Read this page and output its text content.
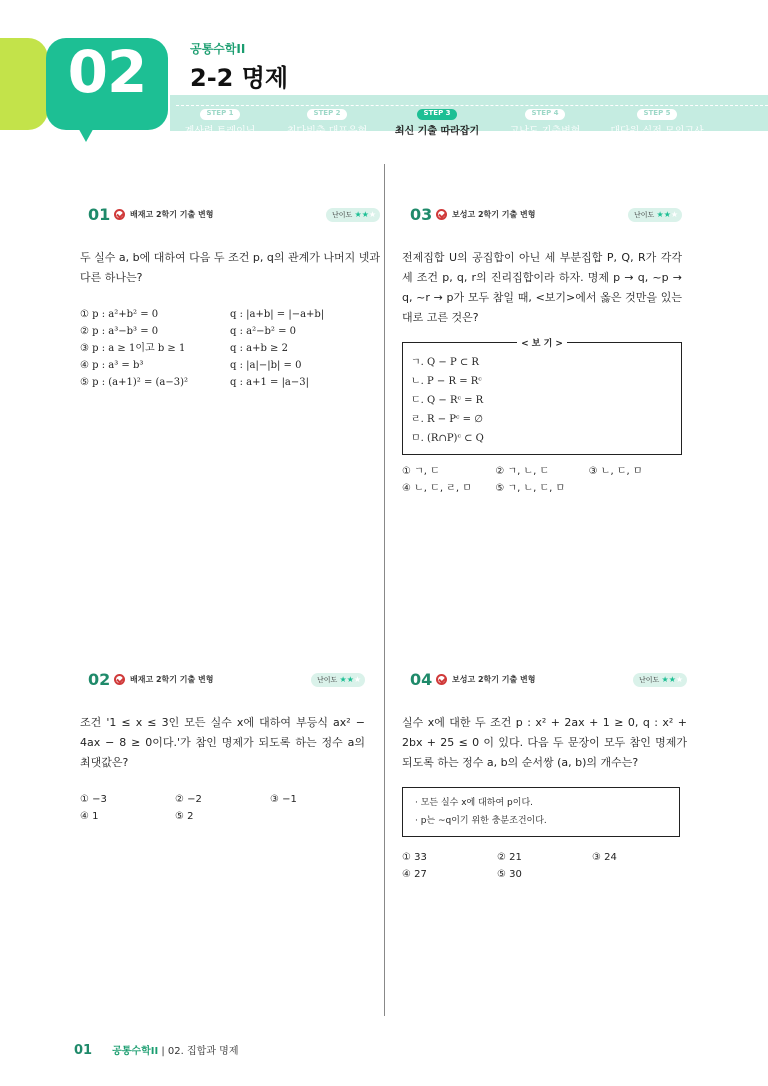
02	공통수학II
2-2 명제
STEP 1
계산력 트레이닝
STEP 2
최다빈출 대표유형
STEP 3
최신 기출 따라잡기
STEP 4
고난도 기출변형
STEP 5
대단원 실전 모의고사
01 배재고 2학기 기출 변형	난이도 ★★★
두 실수 a, b에 대하여 다음 두 조건 p, q의 관계가 나머지 넷과 다른 하나는?
① p : a²+b² = 0	q : |a+b| = |−a+b|
② p : a³−b³ = 0	q : a²−b² = 0
③ p : a ≥ 1이고 b ≥ 1	q : a+b ≥ 2
④ p : a³ = b³	q : |a|−|b| = 0
⑤ p : (a+1)² = (a−3)²	q : a+1 = |a−3|
03 보성고 2학기 기출 변형	난이도 ★★★
전제집합 U의 공집합이 아닌 세 부분집합 P, Q, R가 각각 세 조건 p, q, r의 진리집합이라 하자. 명제 p → q, ~p → q, ~r → p가 모두 참일 때, <보기>에서 옳은 것만을 있는 대로 고른 것은?
< 보 기 >
ㄱ. Q − P ⊂ R
ㄴ. P − R = Rᶜ
ㄷ. Q − Rᶜ = R
ㄹ. R − Pᶜ = ∅
ㅁ. (R∩P)ᶜ ⊂ Q
① ㄱ, ㄷ	② ㄱ, ㄴ, ㄷ	③ ㄴ, ㄷ, ㅁ
④ ㄴ, ㄷ, ㄹ, ㅁ	⑤ ㄱ, ㄴ, ㄷ, ㅁ
02 배재고 2학기 기출 변형	난이도 ★★★
조건 '1 ≤ x ≤ 3인 모든 실수 x에 대하여 부등식 ax² − 4ax − 8 ≥ 0이다.'가 참인 명제가 되도록 하는 정수 a의 최댓값은?
① −3	② −2	③ −1
④ 1	⑤ 2
04 보성고 2학기 기출 변형	난이도 ★★★
실수 x에 대한 두 조건 p : x² + 2ax + 1 ≥ 0, q : x² + 2bx + 25 ≤ 0 이 있다. 다음 두 문장이 모두 참인 명제가 되도록 하는 정수 a, b의 순서쌍 (a, b)의 개수는?
· 모든 실수 x에 대하여 p이다.
· p는 ~q이기 위한 충분조건이다.
① 33	② 21	③ 24
④ 27	⑤ 30
01 공통수학II | 02. 집합과 명제
